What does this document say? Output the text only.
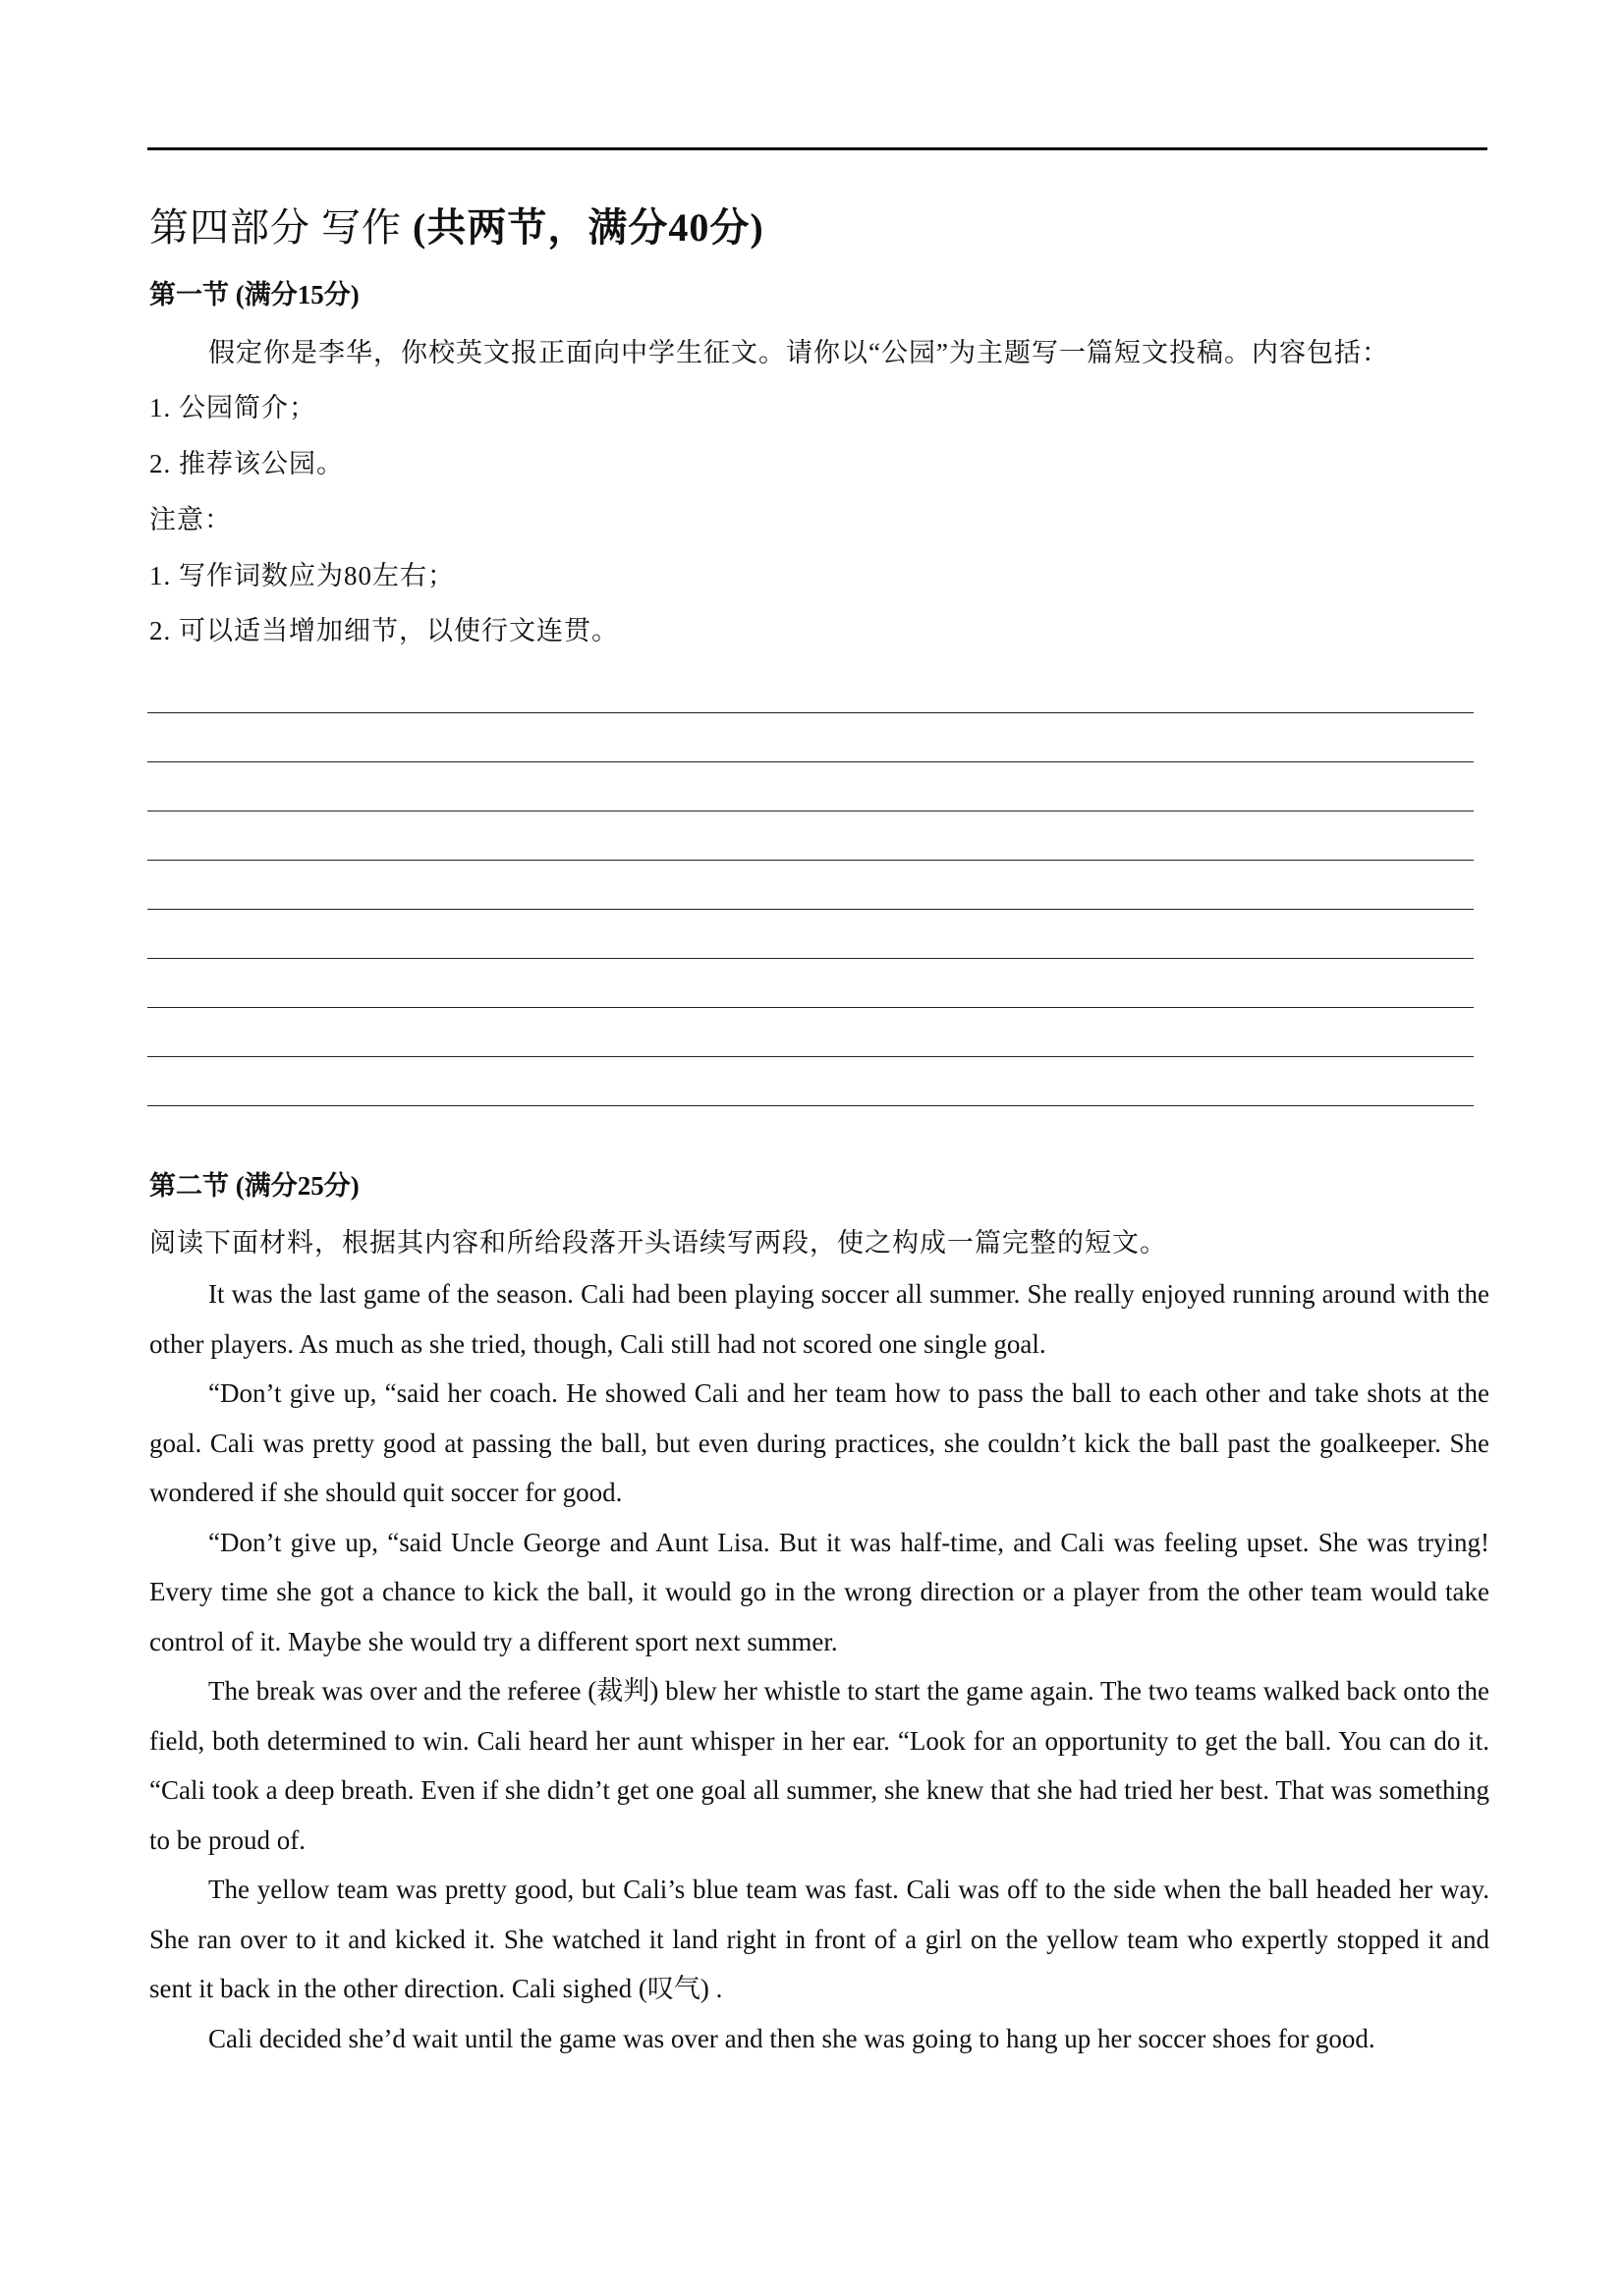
第四部分 写作 (共两节，满分40分)
第一节 (满分15分)
假定你是李华，你校英文报正面向中学生征文。请你以“公园”为主题写一篇短文投稿。内容包括：
1. 公园简介；
2. 推荐该公园。
注意：
1. 写作词数应为80左右；
2. 可以适当增加细节，以使行文连贯。
第二节 (满分25分)
阅读下面材料，根据其内容和所给段落开头语续写两段，使之构成一篇完整的短文。

It was the last game of the season. Cali had been playing soccer all summer. She really enjoyed running around with the other players. As much as she tried, though, Cali still had not scored one single goal.

“Don’t give up, “said her coach. He showed Cali and her team how to pass the ball to each other and take shots at the goal. Cali was pretty good at passing the ball, but even during practices, she couldn’t kick the ball past the goalkeeper. She wondered if she should quit soccer for good.

“Don’t give up, “said Uncle George and Aunt Lisa. But it was half-time, and Cali was feeling upset. She was trying! Every time she got a chance to kick the ball, it would go in the wrong direction or a player from the other team would take control of it. Maybe she would try a different sport next summer.

The break was over and the referee (裁判) blew her whistle to start the game again. The two teams walked back onto the field, both determined to win. Cali heard her aunt whisper in her ear. “Look for an opportunity to get the ball. You can do it. “Cali took a deep breath. Even if she didn’t get one goal all summer, she knew that she had tried her best. That was something to be proud of.

The yellow team was pretty good, but Cali’s blue team was fast. Cali was off to the side when the ball headed her way. She ran over to it and kicked it. She watched it land right in front of a girl on the yellow team who expertly stopped it and sent it back in the other direction. Cali sighed (叹气) .

Cali decided she’d wait until the game was over and then she was going to hang up her soccer shoes for good.
